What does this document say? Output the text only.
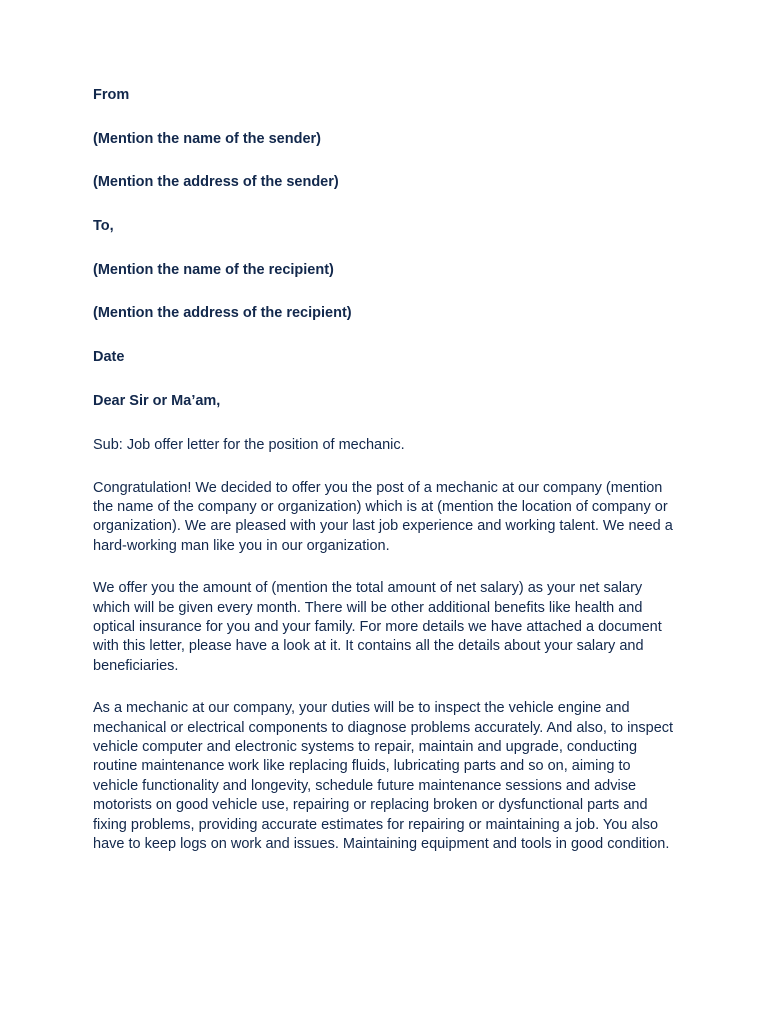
From
(Mention the name of the sender)
(Mention the address of the sender)
To,
(Mention the name of the recipient)
(Mention the address of the recipient)
Date
Dear Sir or Ma’am,
Sub: Job offer letter for the position of mechanic.

Congratulation! We decided to offer you the post of a mechanic at our company (mention the name of the company or organization) which is at (mention the location of company or organization). We are pleased with your last job experience and working talent. We need a hard-working man like you in our organization.

We offer you the amount of (mention the total amount of net salary) as your net salary which will be given every month. There will be other additional benefits like health and optical insurance for you and your family. For more details we have attached a document with this letter, please have a look at it. It contains all the details about your salary and beneficiaries.

As a mechanic at our company, your duties will be to inspect the vehicle engine and mechanical or electrical components to diagnose problems accurately. And also, to inspect vehicle computer and electronic systems to repair, maintain and upgrade, conducting routine maintenance work like replacing fluids, lubricating parts and so on, aiming to vehicle functionality and longevity, schedule future maintenance sessions and advise motorists on good vehicle use, repairing or replacing broken or dysfunctional parts and fixing problems, providing accurate estimates for repairing or maintaining a job. You also have to keep logs on work and issues. Maintaining equipment and tools in good condition.
